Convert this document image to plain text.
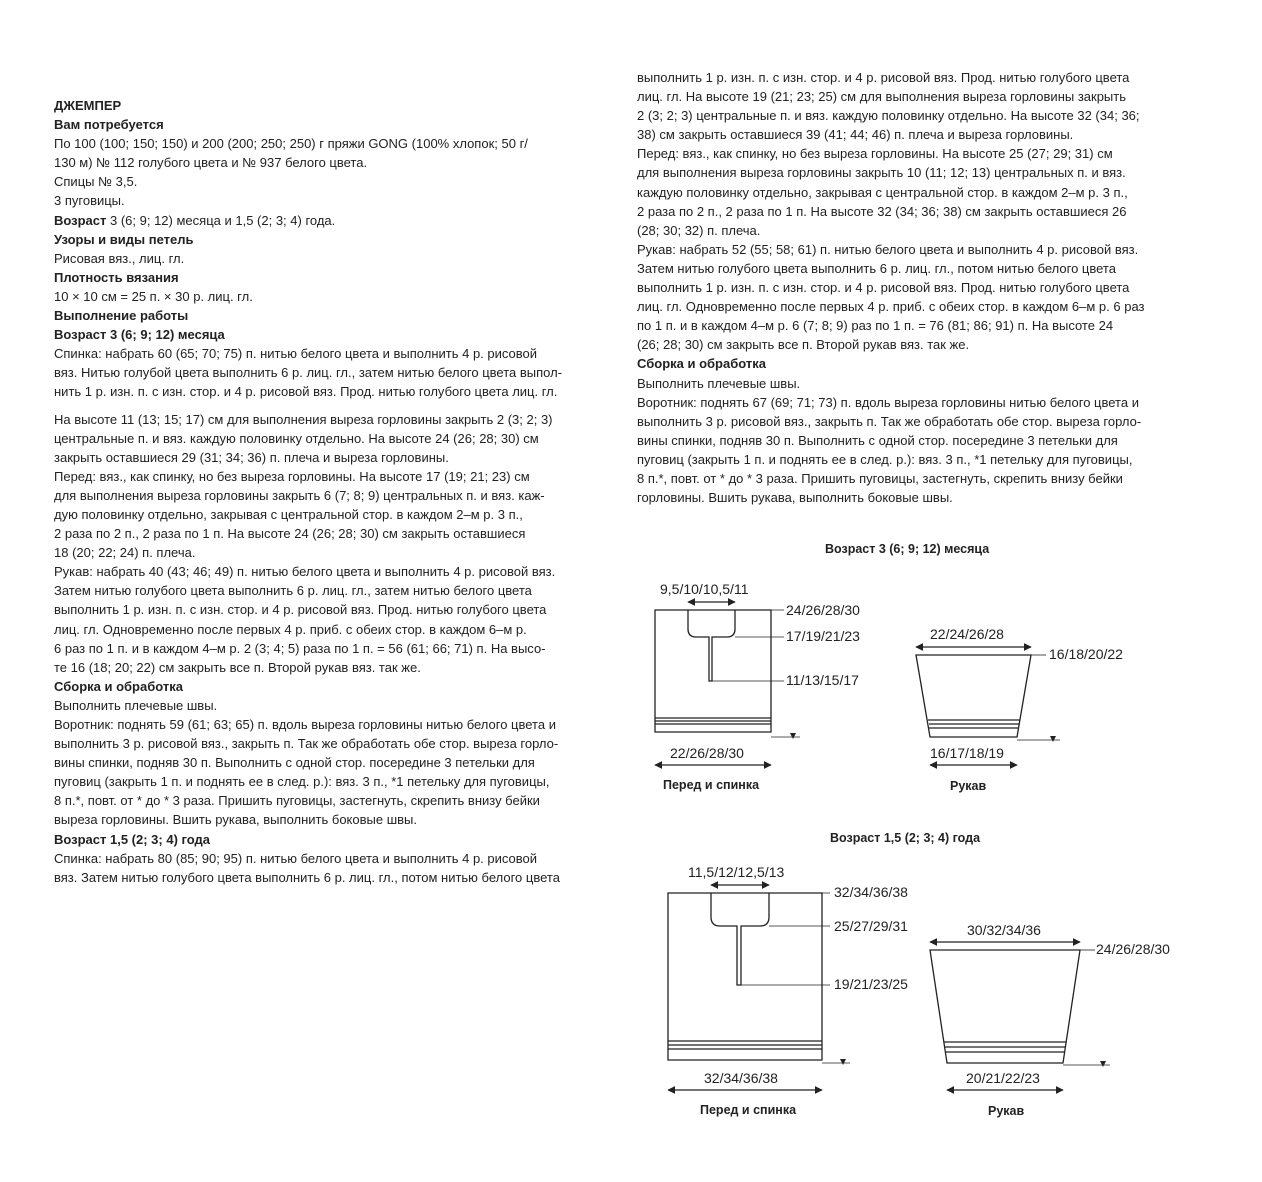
ДЖЕМПЕР

Вам потребуется

По 100 (100; 150; 150) и 200 (200; 250; 250) г пряжи GONG (100% хлопок; 50 г/
130 м) № 112 голубого цвета и № 937 белого цвета.
Спицы № 3,5.
3 пуговицы.

Возраст 3 (6; 9; 12) месяца и 1,5 (2; 3; 4) года.

Узоры и виды петель

Рисовая вяз., лиц. гл.

Плотность вязания

10 × 10 см = 25 п. × 30 р. лиц. гл.

Выполнение работы

Возраст 3 (6; 9; 12) месяца

Спинка: набрать 60 (65; 70; 75) п. нитью белого цвета и выполнить 4 р. рисовой
вяз. Нитью голубой цвета выполнить 6 р. лиц. гл., затем нитью белого цвета выпол-
нить 1 р. изн. п. с изн. стор. и 4 р. рисовой вяз. Прод. нитью голубого цвета лиц. гл.

На высоте 11 (13; 15; 17) см для выполнения выреза горловины закрыть 2 (3; 2; 3)
центральные п. и вяз. каждую половинку отдельно. На высоте 24 (26; 28; 30) см
закрыть оставшиеся 29 (31; 34; 36) п. плеча и выреза горловины.

Перед: вяз., как спинку, но без выреза горловины. На высоте 17 (19; 21; 23) см
для выполнения выреза горловины закрыть 6 (7; 8; 9) центральных п. и вяз. каж-
дую половинку отдельно, закрывая с центральной стор. в каждом 2–м р. 3 п.,
2 раза по 2 п., 2 раза по 1 п. На высоте 24 (26; 28; 30) см закрыть оставшиеся
18 (20; 22; 24) п. плеча.

Рукав: набрать 40 (43; 46; 49) п. нитью белого цвета и выполнить 4 р. рисовой вяз.
Затем нитью голубого цвета выполнить 6 р. лиц. гл., затем нитью белого цвета
выполнить 1 р. изн. п. с изн. стор. и 4 р. рисовой вяз. Прод. нитью голубого цвета
лиц. гл. Одновременно после первых 4 р. приб. с обеих стор. в каждом 6–м р.
6 раз по 1 п. и в каждом 4–м р. 2 (3; 4; 5) раза по 1 п. = 56 (61; 66; 71) п. На высо-
те 16 (18; 20; 22) см закрыть все п. Второй рукав вяз. так же.

Сборка и обработка

Выполнить плечевые швы.
Воротник: поднять 59 (61; 63; 65) п. вдоль выреза горловины нитью белого цвета и
выполнить 3 р. рисовой вяз., закрыть п. Так же обработать обе стор. выреза горло-
вины спинки, подняв 30 п. Выполнить с одной стор. посередине 3 петельки для
пуговиц (закрыть 1 п. и поднять ее в след. р.): вяз. 3 п., *1 петельку для пуговицы,
8 п.*, повт. от * до * 3 раза. Пришить пуговицы, застегнуть, скрепить внизу бейки
выреза горловины. Вшить рукава, выполнить боковые швы.

Возраст 1,5 (2; 3; 4) года

Спинка: набрать 80 (85; 90; 95) п. нитью белого цвета и выполнить 4 р. рисовой
вяз. Затем нитью голубого цвета выполнить 6 р. лиц. гл., потом нитью белого цвета

выполнить 1 р. изн. п. с изн. стор. и 4 р. рисовой вяз. Прод. нитью голубого цвета
лиц. гл. На высоте 19 (21; 23; 25) см для выполнения выреза горловины закрыть
2 (3; 2; 3) центральные п. и вяз. каждую половинку отдельно. На высоте 32 (34; 36;
38) см закрыть оставшиеся 39 (41; 44; 46) п. плеча и выреза горловины.

Перед: вяз., как спинку, но без выреза горловины. На высоте 25 (27; 29; 31) см
для выполнения выреза горловины закрыть 10 (11; 12; 13) центральных п. и вяз.
каждую половинку отдельно, закрывая с центральной стор. в каждом 2–м р. 3 п.,
2 раза по 2 п., 2 раза по 1 п. На высоте 32 (34; 36; 38) см закрыть оставшиеся 26
(28; 30; 32) п. плеча.

Рукав: набрать 52 (55; 58; 61) п. нитью белого цвета и выполнить 4 р. рисовой вяз.
Затем нитью голубого цвета выполнить 6 р. лиц. гл., потом нитью белого цвета
выполнить 1 р. изн. п. с изн. стор. и 4 р. рисовой вяз. Прод. нитью голубого цвета
лиц. гл. Одновременно после первых 4 р. приб. с обеих стор. в каждом 6–м р. 6 раз
по 1 п. и в каждом 4–м р. 6 (7; 8; 9) раз по 1 п. = 76 (81; 86; 91) п. На высоте 24
(26; 28; 30) см закрыть все п. Второй рукав вяз. так же.

Сборка и обработка

Выполнить плечевые швы.
Воротник: поднять 67 (69; 71; 73) п. вдоль выреза горловины нитью белого цвета и
выполнить 3 р. рисовой вяз., закрыть п. Так же обработать обе стор. выреза горло-
вины спинки, подняв 30 п. Выполнить с одной стор. посередине 3 петельки для
пуговиц (закрыть 1 п. и поднять ее в след. р.): вяз. 3 п., *1 петельку для пуговицы,
8 п.*, повт. от * до * 3 раза. Пришить пуговицы, застегнуть, скрепить внизу бейки
горловины. Вшить рукава, выполнить боковые швы.

Возраст 3 (6; 9; 12) месяца
9,5/10/10,5/11
24/26/28/30
17/19/21/23
11/13/15/17
22/26/28/30
Перед и спинка
22/24/26/28
16/18/20/22
16/17/18/19
Рукав
Возраст 1,5 (2; 3; 4) года
11,5/12/12,5/13
32/34/36/38
25/27/29/31
19/21/23/25
32/34/36/38
Перед и спинка
30/32/34/36
24/26/28/30
20/21/22/23
Рукав
